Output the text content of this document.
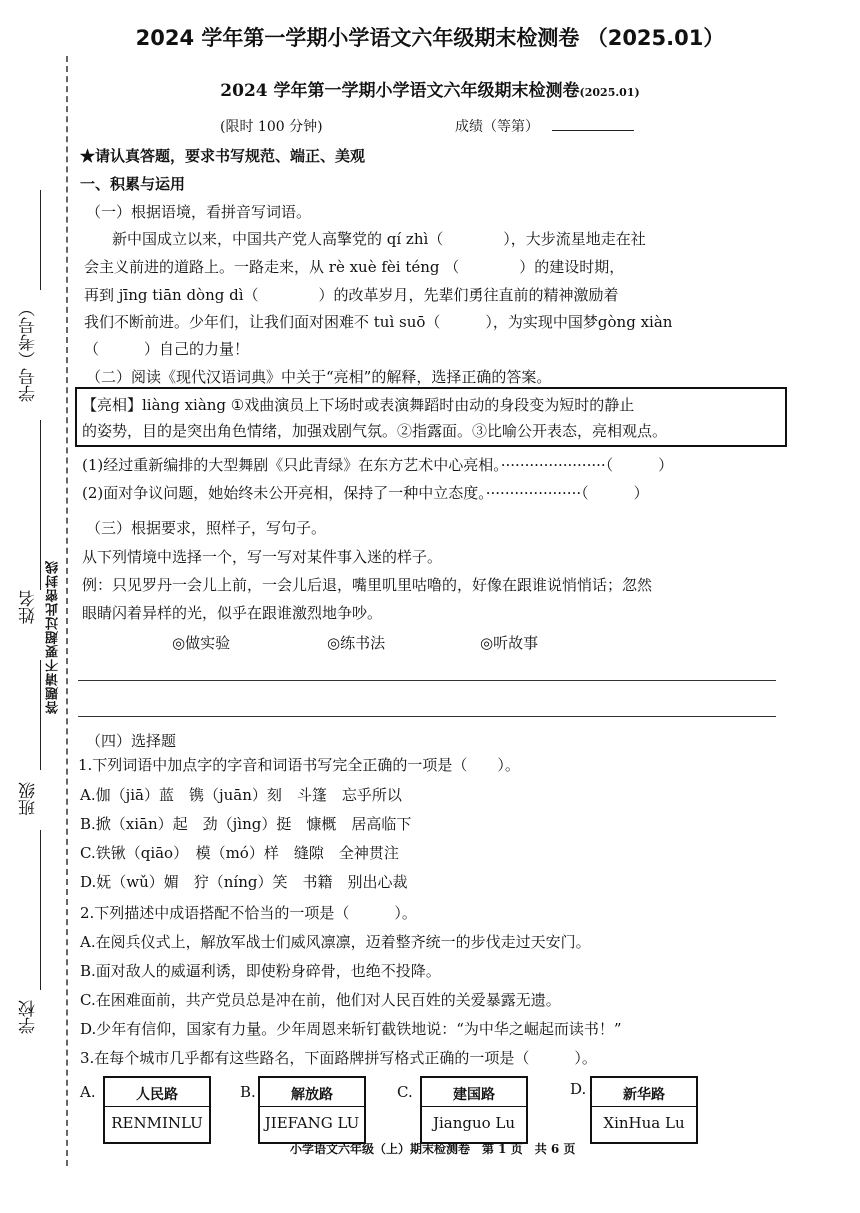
2024 学年第一学期小学语文六年级期末检测卷 （2025.01）
学号（考号）
姓名 答题请不要超过此密封线
班级
学校
2024 学年第一学期小学语文六年级期末检测卷(2025.01)
(限时 100 分钟)	成绩（等第）
★请认真答题，要求书写规范、端正、美观
一、积累与运用
（一）根据语境，看拼音写词语。
新中国成立以来，中国共产党人高擎党的 qí zhì（　　　　），大步流星地走在社
会主义前进的道路上。一路走来，从 rè xuè fèi téng （　　　　）的建设时期，
再到 jīng tiān dòng dì（　　　　）的改革岁月，先辈们勇往直前的精神激励着
我们不断前进。少年们，让我们面对困难不 tuì suō（　　　），为实现中国梦gòng xiàn
（　　　）自己的力量！
（二）阅读《现代汉语词典》中关于“亮相”的解释，选择正确的答案。
【亮相】liàng xiàng ①戏曲演员上下场时或表演舞蹈时由动的身段变为短时的静止
的姿势，目的是突出角色情绪，加强戏剧气氛。②指露面。③比喻公开表态，亮相观点。
(1)经过重新编排的大型舞剧《只此青绿》在东方艺术中心亮相。······················（　　　）
(2)面对争议问题，她始终未公开亮相，保持了一种中立态度。····················（　　　）
（三）根据要求，照样子，写句子。
从下列情境中选择一个，写一写对某件事入迷的样子。
例：只见罗丹一会儿上前，一会儿后退，嘴里叽里咕噜的，好像在跟谁说悄悄话；忽然
眼睛闪着异样的光，似乎在跟谁激烈地争吵。
◎做实验	◎练书法	◎听故事
（四）选择题
1.下列词语中加点字的字音和词语书写完全正确的一项是（　　）。
A.伽（jiā）蓝　镌（juān）刻　斗篷　忘乎所以
B.掀（xiān）起　劲（jìng）挺　慷概　居高临下
C.铁锹（qiāo）　模（mó）样　缝隙　全神贯注
D.妩（wǔ）媚　狞（níng）笑　书籍　别出心裁
2.下列描述中成语搭配不恰当的一项是（　　　）。
A.在阅兵仪式上，解放军战士们威风凛凛，迈着整齐统一的步伐走过天安门。
B.面对敌人的威逼利诱，即使粉身碎骨，也绝不投降。
C.在困难面前，共产党员总是冲在前，他们对人民百姓的关爱暴露无遗。
D.少年有信仰，国家有力量。少年周恩来斩钉截铁地说：“为中华之崛起而读书！”
3.在每个城市几乎都有这些路名，下面路牌拼写格式正确的一项是（　　　）。
A.	人民路
RENMINLU
B.	解放路
JIEFANG LU
C.	建国路
Jianguo Lu
D.	新华路
XinHua Lu
小学语文六年级（上）期末检测卷　第 1 页　共 6 页
